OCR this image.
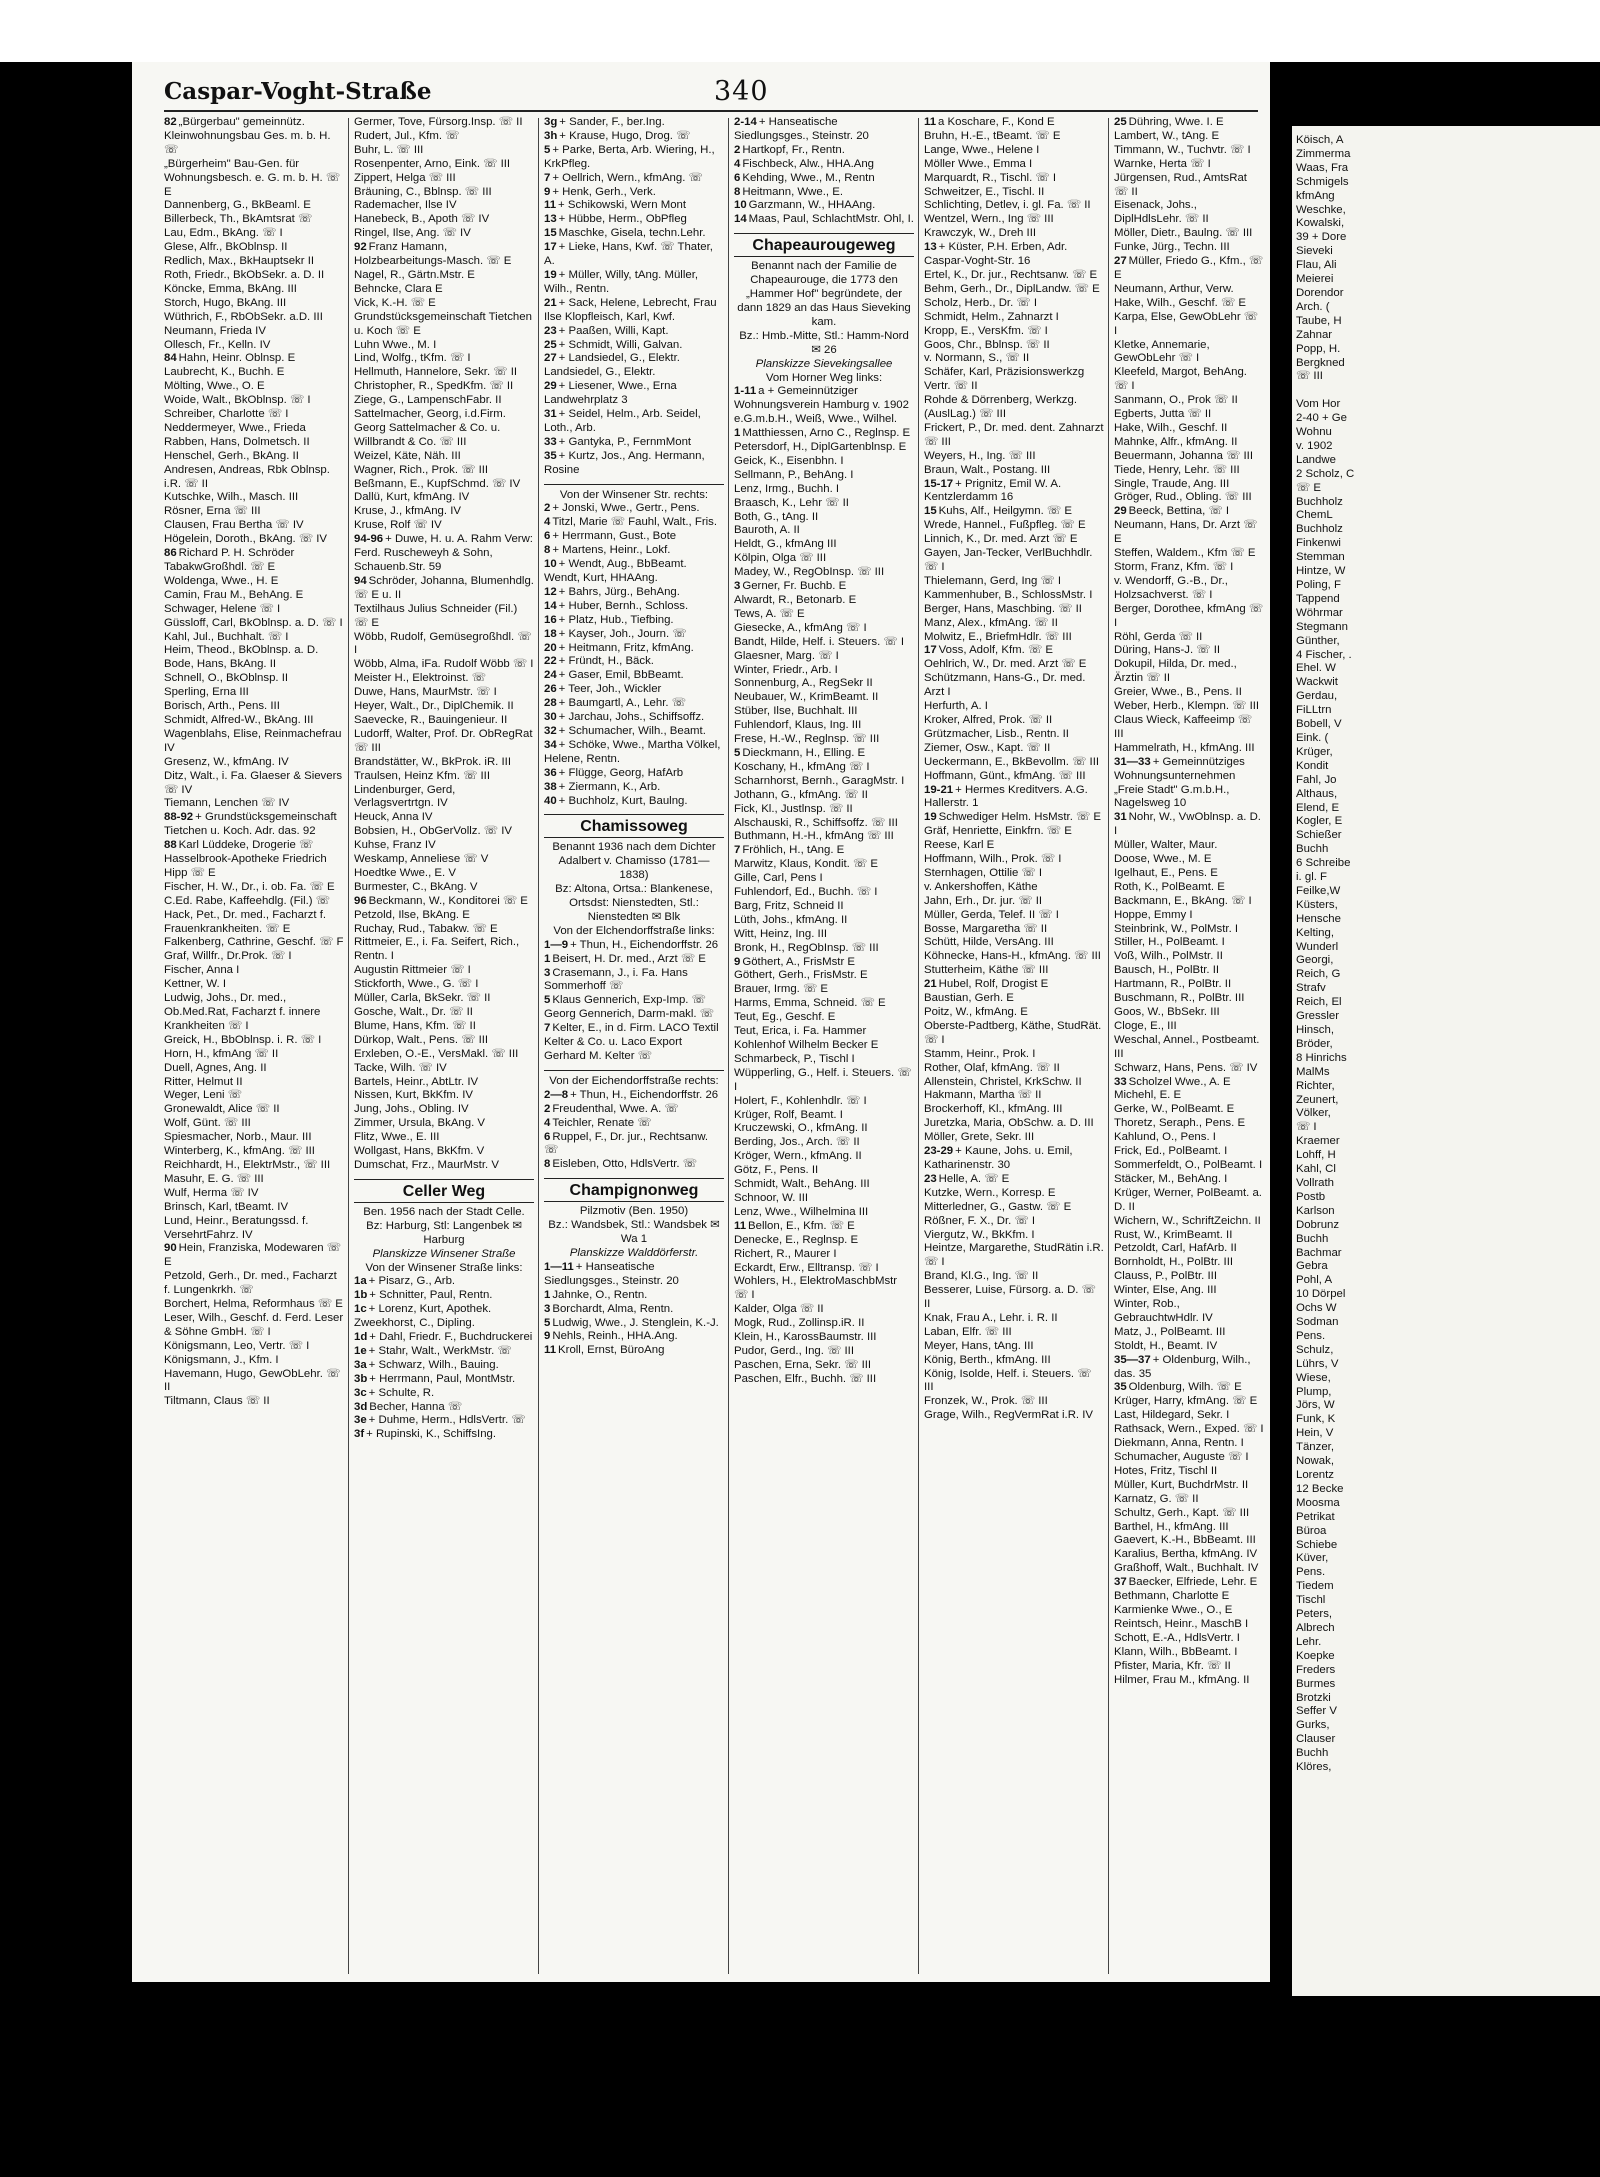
Caspar-Voght-Straße	340
82 „Bürgerbau" gemeinnütz. Kleinwohnungsbau Ges. m. b. H. ☏
„Bürgerheim" Bau-Gen. für Wohnungsbesch. e. G. m. b. H. ☏ E
Dannenberg, G., BkBeaml. E
Billerbeck, Th., BkAmtsrat ☏
Lau, Edm., BkAng. ☏ I
Glese, Alfr., BkOblnsp. II
Redlich, Max., BkHauptsekr II
Roth, Friedr., BkObSekr. a. D. II
Köncke, Emma, BkAng. III
Storch, Hugo, BkAng. III
Wüthrich, F., RbObSekr. a.D. III
Neumann, Frieda IV
Ollesch, Fr., Kelln. IV
84 Hahn, Heinr. Oblnsp. E
Laubrecht, K., Buchh. E
Mölting, Wwe., O. E
Woide, Walt., BkOblnsp. ☏ I
Schreiber, Charlotte ☏ I
Neddermeyer, Wwe., Frieda
Rabben, Hans, Dolmetsch. II
Henschel, Gerh., BkAng. II
Andresen, Andreas, Rbk Oblnsp. i.R. ☏ II
Kutschke, Wilh., Masch. III
Rösner, Erna ☏ III
Clausen, Frau Bertha ☏ IV
Högelein, Doroth., BkAng. ☏ IV
86 Richard P. H. Schröder TabakwGroßhdl. ☏ E
Woldenga, Wwe., H. E
Camin, Frau M., BehAng. E
Schwager, Helene ☏ I
Güssloff, Carl, BkOblnsp. a. D. ☏ I
Kahl, Jul., Buchhalt. ☏ I
Heim, Theod., BkOblnsp. a. D.
Bode, Hans, BkAng. II
Schnell, O., BkOblnsp. II
Sperling, Erna III
Borisch, Arth., Pens. III
Schmidt, Alfred-W., BkAng. III
Wagenblahs, Elise, Reinmachefrau IV
Gresenz, W., kfmAng. IV
Ditz, Walt., i. Fa. Glaeser & Sievers ☏ IV
Tiemann, Lenchen ☏ IV
88-92 + Grundstücksgemeinschaft Tietchen u. Koch. Adr. das. 92
88 Karl Lüddeke, Drogerie ☏
Hasselbrook-Apotheke Friedrich Hipp ☏ E
Fischer, H. W., Dr., i. ob. Fa. ☏ E
C.Ed. Rabe, Kaffeehdlg. (Fil.) ☏
Hack, Pet., Dr. med., Facharzt f. Frauenkrankheiten. ☏ E
Falkenberg, Cathrine, Geschf. ☏ F
Graf, Willfr., Dr.Prok. ☏ I
Fischer, Anna I
Kettner, W. I
Ludwig, Johs., Dr. med., Ob.Med.Rat, Facharzt f. innere Krankheiten ☏ I
Greick, H., BbOblnsp. i. R. ☏ I
Horn, H., kfmAng ☏ II
Duell, Agnes, Ang. II
Ritter, Helmut II
Weger, Leni ☏
Gronewaldt, Alice ☏ II
Wolf, Günt. ☏ III
Spiesmacher, Norb., Maur. III
Winterberg, K., kfmAng. ☏ III
Reichhardt, H., ElektrMstr., ☏ III
Masuhr, E. G. ☏ III
Wulf, Herma ☏ IV
Brinsch, Karl, tBeamt. IV
Lund, Heinr., Beratungssd. f. VersehrtFahrz. IV
90 Hein, Franziska, Modewaren ☏ E
Petzold, Gerh., Dr. med., Facharzt f. Lungenkrkh. ☏
Borchert, Helma, Reformhaus ☏ E
Leser, Wilh., Geschf. d. Ferd. Leser & Söhne GmbH. ☏ I
Königsmann, Leo, Vertr. ☏ I
Königsmann, J., Kfm. I
Havemann, Hugo, GewObLehr. ☏ II
Tiltmann, Claus ☏ II
Germer, Tove, Fürsorg.Insp. ☏ II
Rudert, Jul., Kfm. ☏
Buhr, L. ☏ III
Rosenpenter, Arno, Eink. ☏ III
Zippert, Helga ☏ III
Bräuning, C., Bblnsp. ☏ III
Rademacher, Ilse IV
Hanebeck, B., Apoth ☏ IV
Ringel, Ilse, Ang. ☏ IV
92 Franz Hamann, Holzbearbeitungs-Masch. ☏ E
Nagel, R., Gärtn.Mstr. E
Behncke, Clara E
Vick, K.-H. ☏ E
Grundstücksgemeinschaft Tietchen u. Koch ☏ E
Luhn Wwe., M. I
Lind, Wolfg., tKfm. ☏ I
Hellmuth, Hannelore, Sekr. ☏ II
Christopher, R., SpedKfm. ☏ II
Ziege, G., LampenschFabr. II
Sattelmacher, Georg, i.d.Firm. Georg Sattelmacher & Co. u. Willbrandt & Co. ☏ III
Weizel, Käte, Näh. III
Wagner, Rich., Prok. ☏ III
Beßmann, E., KupfSchmd. ☏ IV
Dallü, Kurt, kfmAng. IV
Kruse, J., kfmAng. IV
Kruse, Rolf ☏ IV
94-96 + Duwe, H. u. A. Rahm Verw: Ferd. Ruscheweyh & Sohn, Schauenb.Str. 59
94 Schröder, Johanna, Blumenhdlg. ☏ E u. II
Textilhaus Julius Schneider (Fil.) ☏ E
Wöbb, Rudolf, Gemüsegroßhdl. ☏ I
Wöbb, Alma, iFa. Rudolf Wöbb ☏ I
Meister H., Elektroinst. ☏
Duwe, Hans, MaurMstr. ☏ I
Heyer, Walt., Dr., DiplChemik. II
Saevecke, R., Bauingenieur. II
Ludorff, Walter, Prof. Dr. ObRegRat ☏ III
Brandstätter, W., BkProk. iR. III
Traulsen, Heinz Kfm. ☏ III
Lindenburger, Gerd, Verlagsvertrtgn. IV
Heuck, Anna IV
Bobsien, H., ObGerVollz. ☏ IV
Kuhse, Franz IV
Weskamp, Anneliese ☏ V
Hoedtke Wwe., E. V
Burmester, C., BkAng. V
96 Beckmann, W., Konditorei ☏ E
Petzold, Ilse, BkAng. E
Ruchay, Rud., Tabakw. ☏ E
Rittmeier, E., i. Fa. Seifert, Rich., Rentn. I
Augustin Rittmeier ☏ I
Stickforth, Wwe., G. ☏ I
Müller, Carla, BkSekr. ☏ II
Gosche, Walt., Dr. ☏ II
Blume, Hans, Kfm. ☏ II
Dürkop, Walt., Pens. ☏ III
Erxleben, O.-E., VersMakl. ☏ III
Tacke, Wilh. ☏ IV
Bartels, Heinr., AbtLtr. IV
Nissen, Kurt, BkKfm. IV
Jung, Johs., Obling. IV
Zimmer, Ursula, BkAng. V
Flitz, Wwe., E. III
Wollgast, Hans, BkKfm. V
Dumschat, Frz., MaurMstr. V
Celler Weg
Ben. 1956 nach der Stadt Celle.
Bz: Harburg, Stl: Langenbek ✉ Harburg
Planskizze Winsener Straße
Von der Winsener Straße links:
1a + Pisarz, G., Arb.
1b + Schnitter, Paul, Rentn.
1c + Lorenz, Kurt, Apothek. Zweekhorst, C., Dipling.
1d + Dahl, Friedr. F., Buchdruckerei
1e + Stahr, Walt., WerkMstr. ☏
3a + Schwarz, Wilh., Bauing.
3b + Herrmann, Paul, MontMstr.
3c + Schulte, R.
3d Becher, Hanna ☏
3e + Duhme, Herm., HdlsVertr. ☏
3f + Rupinski, K., SchiffsIng.
3g + Sander, F., ber.Ing.
3h + Krause, Hugo, Drog. ☏
5 + Parke, Berta, Arb. Wiering, H., KrkPfleg.
7 + Oellrich, Wern., kfmAng. ☏
9 + Henk, Gerh., Verk.
11 + Schikowski, Wern Mont
13 + Hübbe, Herm., ObPfleg
15 Maschke, Gisela, techn.Lehr.
17 + Lieke, Hans, Kwf. ☏ Thater, A.
19 + Müller, Willy, tAng. Müller, Wilh., Rentn.
21 + Sack, Helene, Lebrecht, Frau Ilse Klopfleisch, Karl, Kwf.
23 + Paaßen, Willi, Kapt.
25 + Schmidt, Willi, Galvan.
27 + Landsiedel, G., Elektr. Landsiedel, G., Elektr.
29 + Liesener, Wwe., Erna Landwehrplatz 3
31 + Seidel, Helm., Arb. Seidel, Loth., Arb.
33 + Gantyka, P., FernmMont
35 + Kurtz, Jos., Ang. Hermann, Rosine
Von der Winsener Str. rechts:
2 + Jonski, Wwe., Gertr., Pens.
4 Titzl, Marie ☏ Fauhl, Walt., Fris.
6 + Herrmann, Gust., Bote
8 + Martens, Heinr., Lokf.
10 + Wendt, Aug., BbBeamt. Wendt, Kurt, HHAAng.
12 + Bahrs, Jürg., BehAng.
14 + Huber, Bernh., Schloss.
16 + Platz, Hub., Tiefbing.
18 + Kayser, Joh., Journ. ☏
20 + Heitmann, Fritz, kfmAng.
22 + Fründt, H., Bäck.
24 + Gaser, Emil, BbBeamt.
26 + Teer, Joh., Wickler
28 + Baumgartl, A., Lehr. ☏
30 + Jarchau, Johs., Schiffsoffz.
32 + Schumacher, Wilh., Beamt.
34 + Schöke, Wwe., Martha Völkel, Helene, Rentn.
36 + Flügge, Georg, HafArb
38 + Ziermann, K., Arb.
40 + Buchholz, Kurt, Baulng.
Chamissoweg
Benannt 1936 nach dem Dichter Adalbert v. Chamisso (1781—1838)
Bz: Altona, Ortsa.: Blankenese, Ortsdst: Nienstedten, Stl.: Nienstedten ✉ Blk
Von der Elchendorffstraße links:
1—9 + Thun, H., Eichendorffstr. 26
1 Beisert, H. Dr. med., Arzt ☏ E
3 Crasemann, J., i. Fa. Hans Sommerhoff ☏
5 Klaus Gennerich, Exp-Imp. ☏
Georg Gennerich, Darm-makl. ☏
7 Kelter, E., in d. Firm. LACO Textil Kelter & Co. u. Laco Export Gerhard M. Kelter ☏
Von der Eichendorffstraße rechts:
2—8 + Thun, H., Eichendorffstr. 26
2 Freudenthal, Wwe. A. ☏
4 Teichler, Renate ☏
6 Ruppel, F., Dr. jur., Rechtsanw. ☏
8 Eisleben, Otto, HdlsVertr. ☏
Champignonweg
Pilzmotiv (Ben. 1950)
Bz.: Wandsbek, Stl.: Wandsbek ✉ Wa 1
Planskizze Walddörferstr.
1—11 + Hanseatische Siedlungsges., Steinstr. 20
1 Jahnke, O., Rentn.
3 Borchardt, Alma, Rentn.
5 Ludwig, Wwe., J. Stenglein, K.-J.
9 Nehls, Reinh., HHA.Ang.
11 Kroll, Ernst, BüroAng
2-14 + Hanseatische Siedlungsges., Steinstr. 20
2 Hartkopf, Fr., Rentn.
4 Fischbeck, Alw., HHA.Ang
6 Kehding, Wwe., M., Rentn
8 Heitmann, Wwe., E.
10 Garzmann, W., HHAAng.
14 Maas, Paul, SchlachtMstr. Ohl, I.
Chapeaurougeweg
Benannt nach der Familie de Chapeaurouge, die 1773 den „Hammer Hof" begründete, der dann 1829 an das Haus Sieveking kam.
Bz.: Hmb.-Mitte, Stl.: Hamm-Nord ✉ 26
Planskizze Sievekingsallee
Vom Horner Weg links:
1-11 a + Gemeinnütziger Wohnungsverein Hamburg v. 1902 e.G.m.b.H., Weiß, Wwe., Wilhel.
1 Matthiessen, Arno C., Reglnsp. E
Petersdorf, H., DiplGartenblnsp. E
Geick, K., Eisenbhn. I
Sellmann, P., BehAng. I
Lenz, Irmg., Buchh. I
Braasch, K., Lehr ☏ II
Both, G., tAng. II
Bauroth, A. II
Heldt, G., kfmAng III
Kölpin, Olga ☏ III
Madey, W., RegObInsp. ☏ III
3 Gerner, Fr. Buchb. E
Alwardt, R., Betonarb. E
Tews, A. ☏ E
Giesecke, A., kfmAng ☏ I
Bandt, Hilde, Helf. i. Steuers. ☏ I
Glaesner, Marg. ☏ I
Winter, Friedr., Arb. I
Sonnenburg, A., RegSekr II
Neubauer, W., KrimBeamt. II
Stüber, Ilse, Buchhalt. III
Fuhlendorf, Klaus, Ing. III
Frese, H.-W., Reglnsp. ☏ III
5 Dieckmann, H., Elling. E
Koschany, H., kfmAng ☏ I
Scharnhorst, Bernh., GaragMstr. I
Jothann, G., kfmAng. ☏ II
Fick, Kl., Justlnsp. ☏ II
Alschauski, R., Schiffsoffz. ☏ III
Buthmann, H.-H., kfmAng ☏ III
7 Fröhlich, H., tAng. E
Marwitz, Klaus, Kondit. ☏ E
Gille, Carl, Pens I
Fuhlendorf, Ed., Buchh. ☏ I
Barg, Fritz, Schneid II
Lüth, Johs., kfmAng. II
Witt, Heinz, Ing. III
Bronk, H., RegObInsp. ☏ III
9 Göthert, A., FrisMstr E
Göthert, Gerh., FrisMstr. E
Brauer, Irmg. ☏ E
Harms, Emma, Schneid. ☏ E
Teut, Eg., Geschf. E
Teut, Erica, i. Fa. Hammer Kohlenhof Wilhelm Becker E
Schmarbeck, P., Tischl I
Wüpperling, G., Helf. i. Steuers. ☏ I
Holert, F., Kohlenhdlr. ☏ I
Krüger, Rolf, Beamt. I
Kruczewski, O., kfmAng. II
Berding, Jos., Arch. ☏ II
Kröger, Wern., kfmAng. II
Götz, F., Pens. II
Schmidt, Walt., BehAng. III
Schnoor, W. III
Lenz, Wwe., Wilhelmina III
11 Bellon, E., Kfm. ☏ E
Denecke, E., Reglnsp. E
Richert, R., Maurer I
Eckardt, Erw., Elltransp. ☏ I
Wohlers, H., ElektroMaschbMstr ☏ I
Kalder, Olga ☏ II
Mogk, Rud., Zollinsp.iR. II
Klein, H., KarossBaumstr. III
Pudor, Gerd., Ing. ☏ III
Paschen, Erna, Sekr. ☏ III
Paschen, Elfr., Buchh. ☏ III
11 a Koschare, F., Kond E
Bruhn, H.-E., tBeamt. ☏ E
Lange, Wwe., Helene I
Möller Wwe., Emma I
Marquardt, R., Tischl. ☏ I
Schweitzer, E., Tischl. II
Schlichting, Detlev, i. gl. Fa. ☏ II
Wentzel, Wern., Ing ☏ III
Krawczyk, W., Dreh III
13 + Küster, P.H. Erben, Adr. Caspar-Voght-Str. 16
Ertel, K., Dr. jur., Rechtsanw. ☏ E
Behm, Gerh., Dr., DiplLandw. ☏ E
Scholz, Herb., Dr. ☏ I
Schmidt, Helm., Zahnarzt I
Kropp, E., VersKfm. ☏ I
Goos, Chr., Bblnsp. ☏ II
v. Normann, S., ☏ II
Schäfer, Karl, Präzisionswerkzg Vertr. ☏ II
Rohde & Dörrenberg, Werkzg. (AuslLag.) ☏ III
Frickert, P., Dr. med. dent. Zahnarzt ☏ III
Weyers, H., Ing. ☏ III
Braun, Walt., Postang. III
15-17 + Prignitz, Emil W. A. Kentzlerdamm 16
15 Kuhs, Alf., Heilgymn. ☏ E
Wrede, Hannel., Fußpfleg. ☏ E
Linnich, K., Dr. med. Arzt ☏ E
Gayen, Jan-Tecker, VerlBuchhdlr. ☏ I
Thielemann, Gerd, Ing ☏ I
Kammenhuber, B., SchlossMstr. I
Berger, Hans, Maschbing. ☏ II
Manz, Alex., kfmAng. ☏ II
Molwitz, E., BriefmHdlr. ☏ III
17 Voss, Adolf, Kfm. ☏ E
Oehlrich, W., Dr. med. Arzt ☏ E
Schützmann, Hans-G., Dr. med. Arzt I
Herfurth, A. I
Kroker, Alfred, Prok. ☏ II
Grützmacher, Lisb., Rentn. II
Ziemer, Osw., Kapt. ☏ II
Ueckermann, E., BkBevollm. ☏ III
Hoffmann, Günt., kfmAng. ☏ III
19-21 + Hermes Kreditvers. A.G. Hallerstr. 1
19 Schwediger Helm. HsMstr. ☏ E
Gräf, Henriette, Einkfrn. ☏ E
Reese, Karl E
Hoffmann, Wilh., Prok. ☏ I
Sternhagen, Ottilie ☏ I
v. Ankershoffen, Käthe
Jahn, Erh., Dr. jur. ☏ II
Müller, Gerda, Telef. II ☏ I
Bosse, Margaretha ☏ II
Schütt, Hilde, VersAng. III
Köhnecke, Hans-H., kfmAng. ☏ III
Stutterheim, Käthe ☏ III
21 Hubel, Rolf, Drogist E
Baustian, Gerh. E
Poitz, W., kfmAng. E
Oberste-Padtberg, Käthe, StudRät. ☏ I
Stamm, Heinr., Prok. I
Rother, Olaf, kfmAng. ☏ II
Allenstein, Christel, KrkSchw. II
Hakmann, Martha ☏ II
Brockerhoff, Kl., kfmAng. III
Juretzka, Maria, ObSchw. a. D. III
Möller, Grete, Sekr. III
23-29 + Kaune, Johs. u. Emil, Katharinenstr. 30
23 Helle, A. ☏ E
Kutzke, Wern., Korresp. E
Mitterledner, G., Gastw. ☏ E
Rößner, F. X., Dr. ☏ I
Viergutz, W., BkKfm. I
Heintze, Margarethe, StudRätin i.R. ☏ I
Brand, Kl.G., Ing. ☏ II
Besserer, Luise, Fürsorg. a. D. ☏ II
Knak, Frau A., Lehr. i. R. II
Laban, Elfr. ☏ III
Meyer, Hans, tAng. III
König, Berth., kfmAng. III
König, Isolde, Helf. i. Steuers. ☏ III
Fronzek, W., Prok. ☏ III
Grage, Wilh., RegVermRat i.R. IV
25 Dühring, Wwe. I. E
Lambert, W., tAng. E
Timmann, W., Tuchvtr. ☏ I
Warnke, Herta ☏ I
Jürgensen, Rud., AmtsRat ☏ II
Eisenack, Johs., DiplHdlsLehr. ☏ II
Möller, Dietr., Baulng. ☏ III
Funke, Jürg., Techn. III
27 Müller, Friedo G., Kfm., ☏ E
Neumann, Arthur, Verw.
Hake, Wilh., Geschf. ☏ E
Karpa, Else, GewObLehr ☏ I
Kletke, Annemarie, GewObLehr ☏ I
Kleefeld, Margot, BehAng. ☏ I
Sanmann, O., Prok ☏ II
Egberts, Jutta ☏ II
Hake, Wilh., Geschf. II
Mahnke, Alfr., kfmAng. II
Beuermann, Johanna ☏ III
Tiede, Henry, Lehr. ☏ III
Single, Traude, Ang. III
Gröger, Rud., Obling. ☏ III
29 Beeck, Bettina, ☏ I
Neumann, Hans, Dr. Arzt ☏ E
Steffen, Waldem., Kfm ☏ E
Storm, Franz, Kfm. ☏ I
v. Wendorff, G.-B., Dr., Holzsachverst. ☏ I
Berger, Dorothee, kfmAng ☏ I
Röhl, Gerda ☏ II
Düring, Hans-J. ☏ II
Dokupil, Hilda, Dr. med., Ärztin ☏ II
Greier, Wwe., B., Pens. II
Weber, Herb., Klempn. ☏ III
Claus Wieck, Kaffeeimp ☏ III
Hammelrath, H., kfmAng. III
31—33 + Gemeinnütziges Wohnungsunternehmen „Freie Stadt" G.m.b.H., Nagelsweg 10
31 Nohr, W., VwOblnsp. a. D. I
Müller, Walter, Maur.
Doose, Wwe., M. E
Igelhaut, E., Pens. E
Roth, K., PolBeamt. E
Backmann, E., BkAng. ☏ I
Hoppe, Emmy I
Steinbrink, W., PolMstr. I
Stiller, H., PolBeamt. I
Voß, Wilh., PolMstr. II
Bausch, H., PolBtr. II
Hartmann, R., PolBtr. II
Buschmann, R., PolBtr. III
Goos, W., BbSekr. III
Cloge, E., III
Weschal, Annel., Postbeamt. III
Schwarz, Hans, Pens. ☏ IV
33 Scholzel Wwe., A. E
Michehl, E. E
Gerke, W., PolBeamt. E
Thoretz, Seraph., Pens. E
Kahlund, O., Pens. I
Frick, Ed., PolBeamt. I
Sommerfeldt, O., PolBeamt. I
Stäcker, M., BehAng. I
Krüger, Werner, PolBeamt. a. D. II
Wichern, W., SchriftZeichn. II
Rust, W., KrimBeamt. II
Petzoldt, Carl, HafArb. II
Bornholdt, H., PolBtr. III
Clauss, P., PolBtr. III
Winter, Else, Ang. III
Winter, Rob., GebrauchtwHdlr. IV
Matz, J., PolBeamt. III
Stoldt, H., Beamt. IV
35—37 + Oldenburg, Wilh., das. 35
35 Oldenburg, Wilh. ☏ E
Krüger, Harry, kfmAng. ☏ E
Last, Hildegard, Sekr. I
Rathsack, Wern., Exped. ☏ I
Diekmann, Anna, Rentn. I
Schumacher, Auguste ☏ I
Hotes, Fritz, Tischl II
Müller, Kurt, BuchdrMstr. II
Karnatz, G. ☏ II
Schultz, Gerh., Kapt. ☏ III
Barthel, H., kfmAng. III
Gaevert, K.-H., BbBeamt. III
Karalius, Bertha, kfmAng. IV
Graßhoff, Walt., Buchhalt. IV
37 Baecker, Elfriede, Lehr. E
Bethmann, Charlotte E
Karmienke Wwe., O., E
Reintsch, Heinr., MaschB I
Schott, E.-A., HdlsVertr. I
Klann, Wilh., BbBeamt. I
Pfister, Maria, Kfr. ☏ II
Hilmer, Frau M., kfmAng. II
Köisch, A
Zimmerma
Waas, Fra
Schmigels
kfmAng
Weschke,
Kowalski,
39 + Dore
Sieveki
Flau, Ali
Meierei
Dorendor
Arch. (
Taube, H
Zahnar
Popp, H.
Bergkned
☏ III

Vom Hor
2-40 + Ge
Wohnu
v. 1902
Landwe
2 Scholz, C
☏ E
Buchholz
ChemL
Buchholz
Finkenwi
Stemman
Hintze, W
Poling, F
Tappend
Wöhrmar
Stegmann
Günther,
4 Fischer, .
Ehel. W
Wackwit
Gerdau,
FiLLtrn
Bobell, V
Eink. (
Krüger,
Kondit
Fahl, Jo
Althaus,
Elend, E
Kogler, E
Schießer
Buchh
6 Schreibe
i. gl. F
Feilke,W
Küsters,
Hensche
Kelting,
Wunderl
Georgi,
Reich, G
Strafv
Reich, El
Gressler
Hinsch,
Bröder,
8 Hinrichs
MalMs
Richter,
Zeunert,
Völker,
☏ I
Kraemer
Lohff, H
Kahl, Cl
Vollrath
Postb
Karlson
Dobrunz
Buchh
Bachmar
Gebra
Pohl, A
10 Dörpel
Ochs W
Sodman
Pens.
Schulz,
Lührs, V
Wiese,
Plump,
Jörs, W
Funk, K
Hein, V
Tänzer,
Nowak,
Lorentz
12 Becke
Moosma
Petrikat
Büroa
Schiebe
Küver,
Pens.
Tiedem
Tischl
Peters,
Albrech
Lehr.
Koepke
Freders
Burmes
Brotzki
Seffer V
Gurks,
Clauser
Buchh
Klöres,
